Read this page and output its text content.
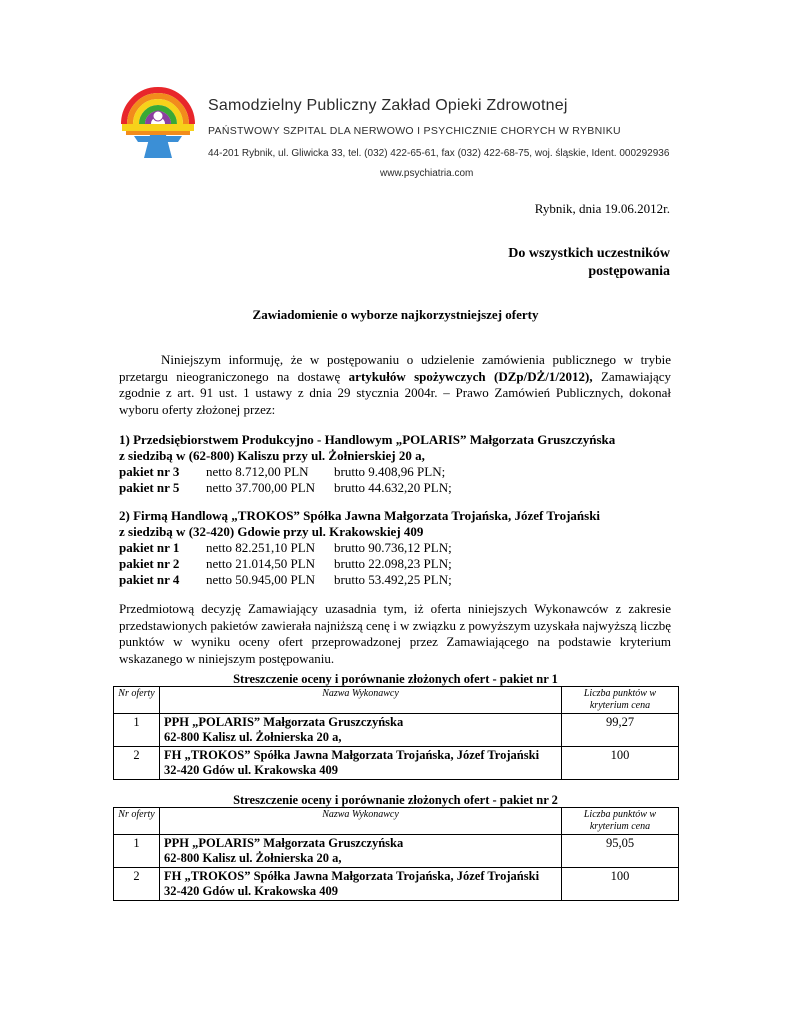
Samodzielny Publiczny Zakład Opieki Zdrowotnej
PAŃSTWOWY SZPITAL DLA NERWOWO I PSYCHICZNIE CHORYCH W RYBNIKU
44-201 Rybnik, ul. Gliwicka 33, tel. (032) 422-65-61, fax (032) 422-68-75, woj. śląskie, Ident. 000292936
www.psychiatria.com
Rybnik, dnia 19.06.2012r.
Do wszystkich uczestników
postępowania
Zawiadomienie o wyborze najkorzystniejszej oferty
Niniejszym informuję, że w postępowaniu o udzielenie zamówienia publicznego w trybie przetargu nieograniczonego na dostawę artykułów spożywczych (DZp/DŻ/1/2012), Zamawiający zgodnie z art. 91 ust. 1 ustawy z dnia 29 stycznia 2004r. – Prawo Zamówień Publicznych, dokonał wyboru oferty złożonej przez:
1) Przedsiębiorstwem Produkcyjno - Handlowym „POLARIS” Małgorzata Gruszczyńska
z siedzibą w (62-800) Kaliszu przy ul. Żołnierskiej 20 a,
pakiet nr 3	netto 8.712,00 PLN	brutto 9.408,96 PLN;
pakiet nr 5	netto 37.700,00 PLN	brutto 44.632,20 PLN;
2) Firmą Handlową „TROKOS” Spółka Jawna Małgorzata Trojańska, Józef Trojański
z siedzibą w (32-420) Gdowie przy ul. Krakowskiej 409
pakiet nr 1	netto 82.251,10 PLN	brutto 90.736,12 PLN;
pakiet nr 2	netto 21.014,50 PLN	brutto 22.098,23 PLN;
pakiet nr 4	netto 50.945,00 PLN	brutto 53.492,25 PLN;
Przedmiotową decyzję Zamawiający uzasadnia tym, iż oferta niniejszych Wykonawców z zakresie przedstawionych pakietów zawierała najniższą cenę i w związku z powyższym uzyskała najwyższą liczbę punktów w wyniku oceny ofert przeprowadzonej przez Zamawiającego na podstawie kryterium wskazanego w niniejszym postępowaniu.
Streszczenie oceny i porównanie złożonych ofert - pakiet nr 1
Nr oferty	Nazwa Wykonawcy	Liczba punktów w kryterium cena
1	PPH „POLARIS” Małgorzata Gruszczyńska
62-800 Kalisz ul. Żołnierska 20 a,	99,27
2	FH „TROKOS” Spółka Jawna Małgorzata Trojańska, Józef Trojański
32-420 Gdów ul. Krakowska 409	100
Streszczenie oceny i porównanie złożonych ofert - pakiet nr 2
Nr oferty	Nazwa Wykonawcy	Liczba punktów w kryterium cena
1	PPH „POLARIS” Małgorzata Gruszczyńska
62-800 Kalisz ul. Żołnierska 20 a,	95,05
2	FH „TROKOS” Spółka Jawna Małgorzata Trojańska, Józef Trojański
32-420 Gdów ul. Krakowska 409	100
